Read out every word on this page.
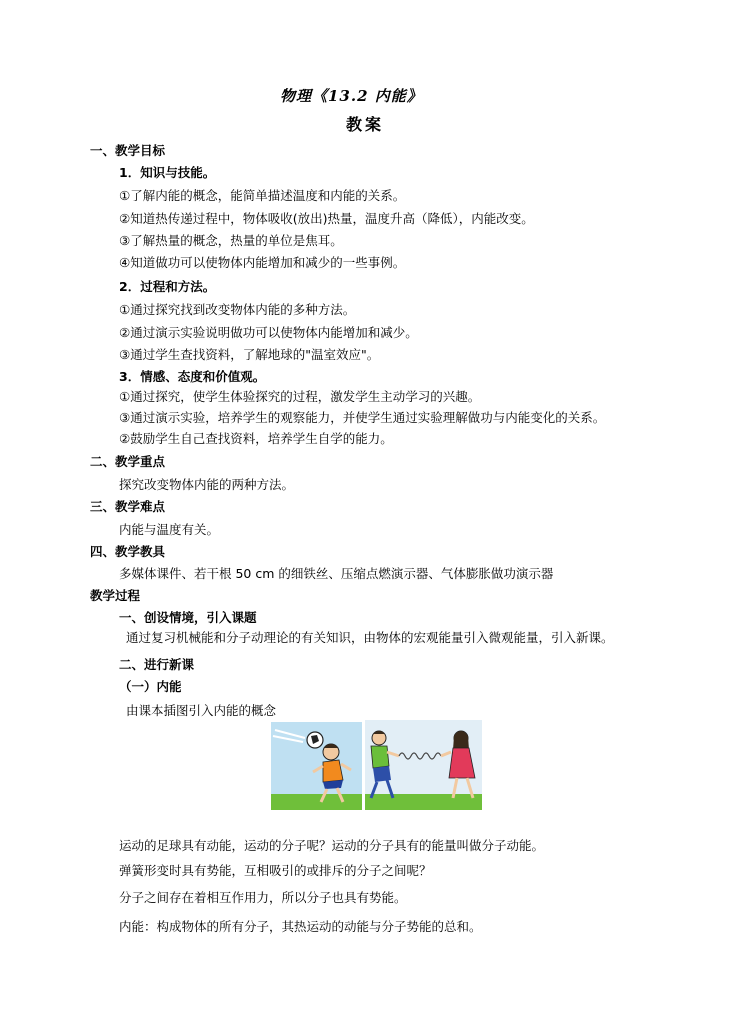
物理《13.2 内能》
教案
一、教学目标
1．知识与技能。
①了解内能的概念，能简单描述温度和内能的关系。
②知道热传递过程中，物体吸收(放出)热量，温度升高（降低），内能改变。
③了解热量的概念，热量的单位是焦耳。
④知道做功可以使物体内能增加和减少的一些事例。
2．过程和方法。
①通过探究找到改变物体内能的多种方法。
②通过演示实验说明做功可以使物体内能增加和减少。
③通过学生查找资料，了解地球的"温室效应"。
3．情感、态度和价值观。
①通过探究，使学生体验探究的过程，激发学生主动学习的兴趣。
③通过演示实验，培养学生的观察能力，并使学生通过实验理解做功与内能变化的关系。
②鼓励学生自己查找资料，培养学生自学的能力。
二、教学重点
探究改变物体内能的两种方法。
三、教学难点
内能与温度有关。
四、教学教具
多媒体课件、若干根 50 cm 的细铁丝、压缩点燃演示器、气体膨胀做功演示器
教学过程
一、创设情境，引入课题
通过复习机械能和分子动理论的有关知识，由物体的宏观能量引入微观能量，引入新课。
二、进行新课
（一）内能
由课本插图引入内能的概念
运动的足球具有动能，运动的分子呢？运动的分子具有的能量叫做分子动能。
弹簧形变时具有势能，互相吸引的或排斥的分子之间呢？
分子之间存在着相互作用力，所以分子也具有势能。
内能：构成物体的所有分子，其热运动的动能与分子势能的总和。
